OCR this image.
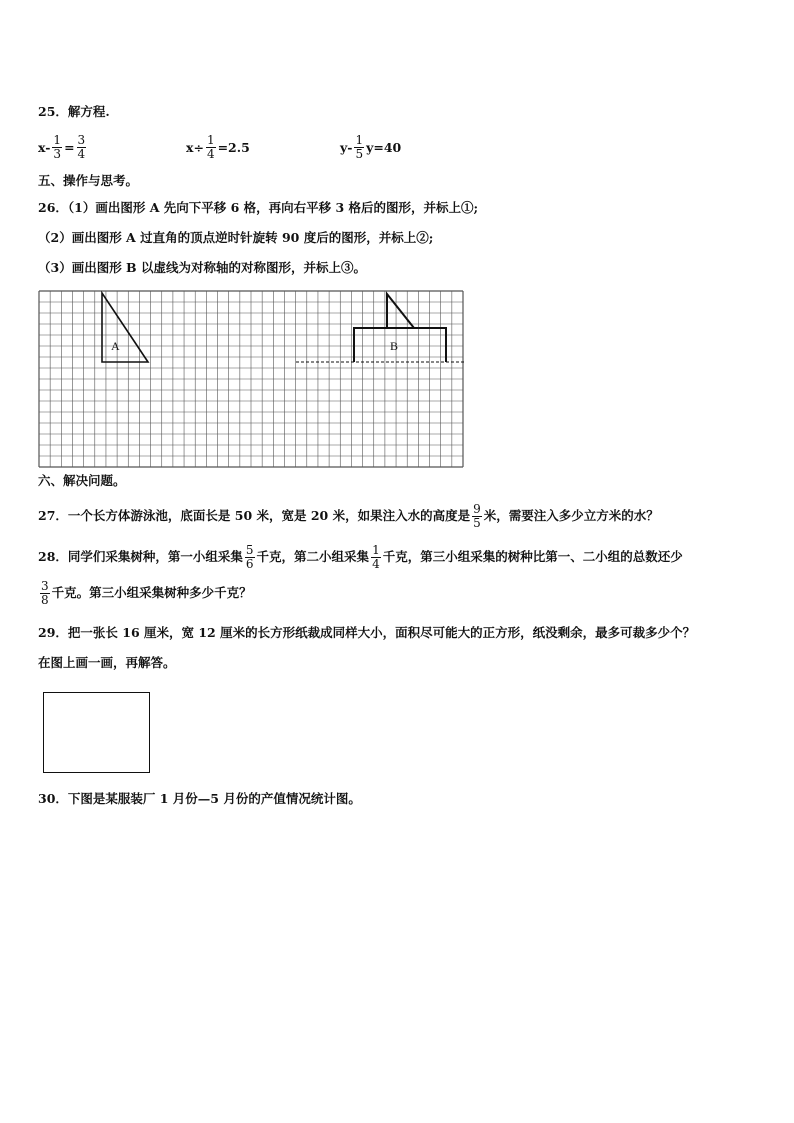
25．解方程.
$x- \frac{1}{3} = \frac{3}{4}$	$x\div \frac{1}{4} =2.5$	$y- \frac{1}{5} y=40$
五、操作与思考。
26．（1）画出图形 A 先向下平移 6 格，再向右平移 3 格后的图形，并标上①;
（2）画出图形 A 过直角的顶点逆时针旋转 90 度后的图形，并标上②;
（3）画出图形 B 以虚线为对称轴的对称图形，并标上③。
A	B
六、解决问题。
27．一个长方体游泳池，底面长是 50 米，宽是 20 米，如果注入水的高度是 $\frac{9}{5}$ 米，需要注入多少立方米的水？
28．同学们采集树种，第一小组采集 $\frac{5}{6}$ 千克，第二小组采集 $\frac{1}{4}$ 千克，第三小组采集的树种比第一、二小组的总数还少
$\frac{3}{8}$ 千克。第三小组采集树种多少千克？
29．把一张长 16 厘米，宽 12 厘米的长方形纸裁成同样大小，面积尽可能大的正方形，纸没剩余，最多可裁多少个？
在图上画一画，再解答。
30．下图是某服装厂 1 月份—5 月份的产值情况统计图。
